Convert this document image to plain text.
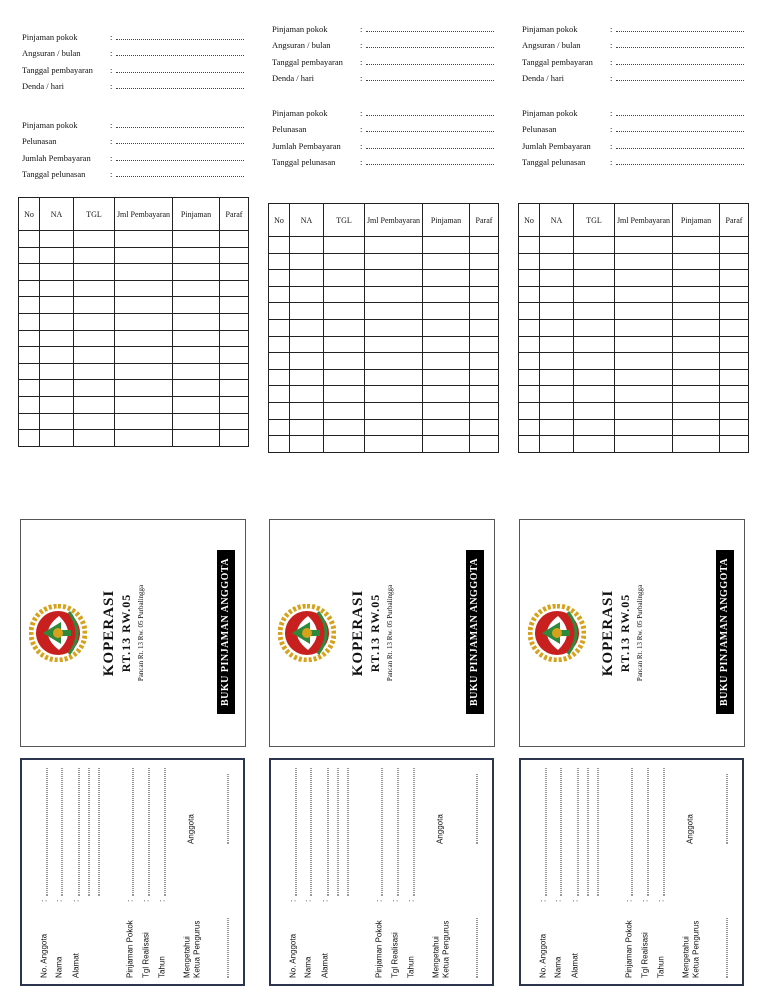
Pinjaman pokok	:
Angsuran / bulan	:
Tanggal pembayaran :
Denda / hari	:
Pinjaman pokok	:
Pelunasan	:
Jumlah Pembayaran :
Tanggal pelunasan	:
No	NA	TGL	Jml Pembayaran	Pinjaman	Paraf

Pinjaman pokok	:
Angsuran / bulan	:
Tanggal pembayaran :
Denda / hari	:
Pinjaman pokok	:
Pelunasan	:
Jumlah Pembayaran :
Tanggal pelunasan	:
No	NA	TGL	Jml Pembayaran	Pinjaman	Paraf

Pinjaman pokok	:
Angsuran / bulan	:
Tanggal pembayaran :
Denda / hari	:
Pinjaman pokok	:
Pelunasan	:
Jumlah Pembayaran :
Tanggal pelunasan	:
No	NA	TGL	Jml Pembayaran	Pinjaman	Paraf

KOPERASI RT.13 RW.05 Pancan Rt. 13 Rw. 05 Purbalingga	BUKU PINJAMAN ANGGOTA	KOPERASI RT.13 RW.05 Pancan Rt. 13 Rw. 05 Purbalingga	BUKU PINJAMAN ANGGOTA	KOPERASI RT.13 RW.05 Pancan Rt. 13 Rw. 05 Purbalingga	BUKU PINJAMAN ANGGOTA
No. Anggota
:
Nama
:
Alamat
:
Pinjaman Pokok
:
Tgl Realisasi
:
Tahun
:
Mengetahui Ketua Pengurus
Anggota
No. Anggota
:
Nama
:
Alamat
:
Pinjaman Pokok
:
Tgl Realisasi
:
Tahun
:
Mengetahui Ketua Pengurus
Anggota
No. Anggota
:
Nama
:
Alamat
:
Pinjaman Pokok
:
Tgl Realisasi
:
Tahun
:
Mengetahui Ketua Pengurus
Anggota
